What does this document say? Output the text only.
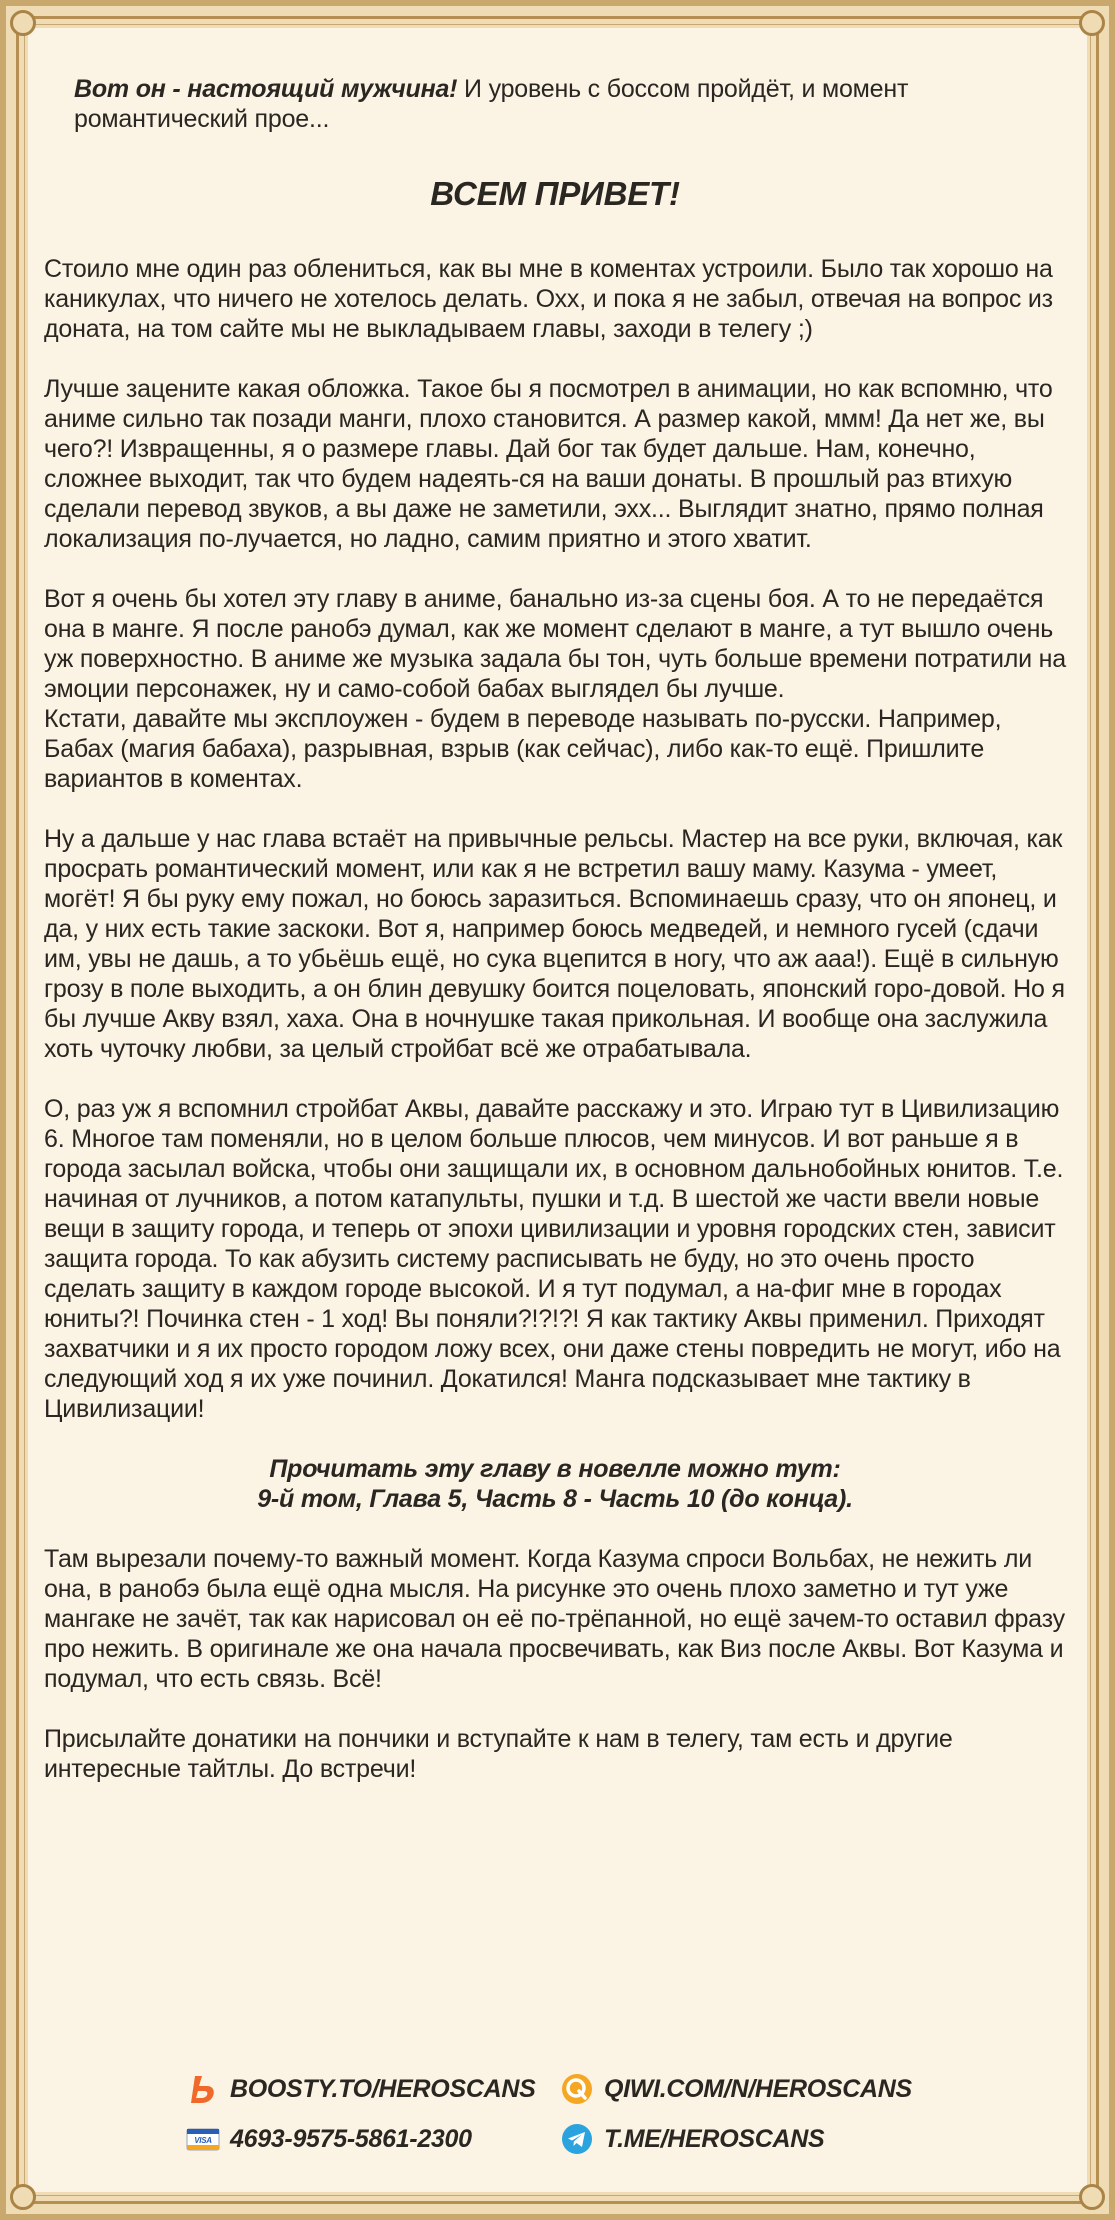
Вот он - настоящий мужчина! И уровень с боссом пройдёт, и момент романтический прое...
ВСЕМ ПРИВЕТ!

Стоило мне один раз облениться, как вы мне в коментах устроили. Было так хорошо на каникулах, что ничего не хотелось делать. Охх, и пока я не забыл, отвечая на вопрос из доната, на том сайте мы не выкладываем главы, заходи в телегу ;)

Лучше зацените какая обложка. Такое бы я посмотрел в анимации, но как вспомню, что аниме сильно так позади манги, плохо становится. А размер какой, ммм! Да нет же, вы чего?! Извращенны, я о размере главы. Дай бог так будет дальше. Нам, конечно, сложнее выходит, так что будем надеять-ся на ваши донаты. В прошлый раз втихую сделали перевод звуков, а вы даже не заметили, эхх... Выглядит знатно, прямо полная локализация по-лучается, но ладно, самим приятно и этого хватит.

Вот я очень бы хотел эту главу в аниме, банально из-за сцены боя. А то не передаётся она в манге. Я после ранобэ думал, как же момент сделают в манге, а тут вышло очень уж поверхностно. В аниме же музыка задала бы тон, чуть больше времени потратили на эмоции персонажек, ну и само-собой бабах выглядел бы лучше.

Кстати, давайте мы эксплоужен - будем в переводе называть по-русски. Например, Бабах (магия бабаха), разрывная, взрыв (как сейчас), либо как-то ещё. Пришлите вариантов в коментах.

Ну а дальше у нас глава встаёт на привычные рельсы. Мастер на все руки, включая, как просрать романтический момент, или как я не встретил вашу маму. Казума - умеет, могёт! Я бы руку ему пожал, но боюсь заразиться. Вспоминаешь сразу, что он японец, и да, у них есть такие заскоки. Вот я, например боюсь медведей, и немного гусей (сдачи им, увы не дашь, а то убьёшь ещё, но сука вцепится в ногу, что аж ааа!). Ещё в сильную грозу в поле выходить, а он блин девушку боится поцеловать, японский горо-довой. Но я бы лучше Акву взял, хаха. Она в ночнушке такая прикольная. И вообще она заслужила хоть чуточку любви, за целый стройбат всё же отрабатывала.

О, раз уж я вспомнил стройбат Аквы, давайте расскажу и это. Играю тут в Цивилизацию 6. Многое там поменяли, но в целом больше плюсов, чем минусов. И вот раньше я в города засылал войска, чтобы они защищали их, в основном дальнобойных юнитов. Т.е. начиная от лучников, а потом катапульты, пушки и т.д. В шестой же части ввели новые вещи в защиту города, и теперь от эпохи цивилизации и уровня городских стен, зависит защита города. То как абузить систему расписывать не буду, но это очень просто сделать защиту в каждом городе высокой. И я тут подумал, а на-фиг мне в городах юниты?! Починка стен - 1 ход! Вы поняли?!?!?! Я как тактику Аквы применил. Приходят захватчики и я их просто городом ложу всех, они даже стены повредить не могут, ибо на следующий ход я их уже починил. Докатился! Манга подсказывает мне тактику в Цивилизации!

Прочитать эту главу в новелле можно тут:
9-й том, Глава 5, Часть 8 - Часть 10 (до конца).

Там вырезали почему-то важный момент. Когда Казума спроси Вольбах, не нежить ли она, в ранобэ была ещё одна мысля. На рисунке это очень плохо заметно и тут уже мангаке не зачёт, так как нарисовал он её по-трёпанной, но ещё зачем-то оставил фразу про нежить. В оригинале же она начала просвечивать, как Виз после Аквы. Вот Казума и подумал, что есть связь. Всё!

Присылайте донатики на пончики и вступайте к нам в телегу, там есть и другие интересные тайтлы. До встречи!

BOOSTY.TO/HEROSCANS	QIWI.COM/N/HEROSCANS
VISA 4693-9575-5861-2300	T.ME/HEROSCANS
